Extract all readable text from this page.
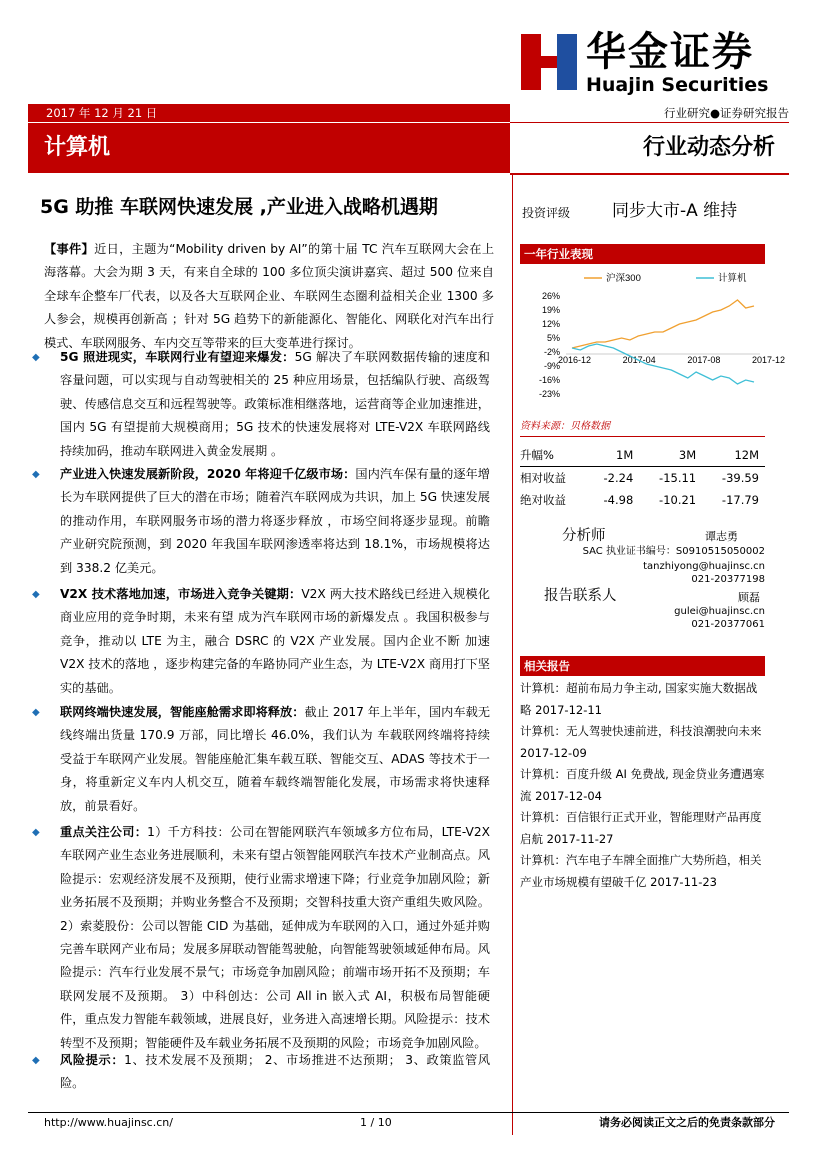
华金证券
Huajin Securities
2017 年 12 月 21 日	行业研究●证券研究报告
计算机	行业动态分析
5G 助推 车联网快速发展 ,产业进入战略机遇期
【事件】近日，主题为“Mobility driven by AI”的第十届 TC 汽车互联网大会在上海落幕。大会为期 3 天，有来自全球的 100 多位顶尖演讲嘉宾、超过 500 位来自全球车企整车厂代表，以及各大互联网企业、车联网生态圈利益相关企业 1300 多人参会，规模再创新高 ；针对 5G 趋势下的新能源化、智能化、网联化对汽车出行模式、车联网服务、车内交互等带来的巨大变革进行探讨。
◆ 5G 照进现实，车联网行业有望迎来爆发：5G 解决了车联网数据传输的速度和容量问题，可以实现与自动驾驶相关的 25 种应用场景，包括编队行驶、高级驾驶、传感信息交互和远程驾驶等。政策标准相继落地，运营商等企业加速推进，国内 5G 有望提前大规模商用；5G 技术的快速发展将对 LTE-V2X 车联网路线持续加码，推动车联网进入黄金发展期 。
◆ 产业进入快速发展新阶段，2020 年将迎千亿级市场：国内汽车保有量的逐年增长为车联网提供了巨大的潜在市场；随着汽车联网成为共识，加上 5G 快速发展的推动作用，车联网服务市场的潜力将逐步释放 ，市场空间将逐步显现。前瞻产业研究院预测，到 2020 年我国车联网渗透率将达到 18.1%，市场规模将达到 338.2 亿美元。
◆ V2X 技术落地加速，市场进入竞争关键期：V2X 两大技术路线已经进入规模化商业应用的竞争时期，未来有望 成为汽车联网市场的新爆发点 。我国积极参与竞争，推动以 LTE 为主，融合 DSRC 的 V2X 产业发展。国内企业不断 加速 V2X 技术的落地 ，逐步构建完备的车路协同产业生态，为 LTE-V2X 商用打下坚实的基础。
◆ 联网终端快速发展，智能座舱需求即将释放：截止 2017 年上半年，国内车载无线终端出货量 170.9 万部，同比增长 46.0%，我们认为 车载联网终端将持续受益于车联网产业发展。智能座舱汇集车载互联、智能交互、ADAS 等技术于一身，将重新定义车内人机交互，随着车载终端智能化发展，市场需求将快速释放，前景看好。
◆ 重点关注公司：1）千方科技：公司在智能网联汽车领域多方位布局，LTE-V2X 车联网产业生态业务进展顺利，未来有望占领智能网联汽车技术产业制高点。风险提示：宏观经济发展不及预期，使行业需求增速下降；行业竞争加剧风险；新业务拓展不及预期；并购业务整合不及预期；交智科技重大资产重组失败风险。 2）索菱股份：公司以智能 CID 为基础，延伸成为车联网的入口，通过外延并购完善车联网产业布局；发展多屏联动智能驾驶舱，向智能驾驶领域延伸布局。风险提示：汽车行业发展不景气；市场竞争加剧风险；前端市场开拓不及预期；车联网发展不及预期。 3）中科创达：公司 All in 嵌入式 AI，积极布局智能硬件，重点发力智能车载领域，进展良好，业务进入高速增长期。风险提示：技术转型不及预期；智能硬件及车载业务拓展不及预期的风险；市场竞争加剧风险。
◆ 风险提示：1、技术发展不及预期； 2、市场推进不达预期； 3、政策监管风险。
投资评级 同步大市-A 维持
一年行业表现
26%
19%
12%
5%
-2%
-9%
-16%
-23%
2016-12	2017-04	2017-08	2017-12
沪深300	计算机
资料来源：贝格数据
升幅%	1M	3M	12M
相对收益	-2.24	-15.11	-39.59
绝对收益	-4.98	-10.21	-17.79
分析师	谭志勇
SAC 执业证书编号：S0910515050002
tanzhiyong@huajinsc.cn
021-20377198
报告联系人	顾磊
gulei@huajinsc.cn
021-20377061
相关报告
计算机：超前布局力争主动, 国家实施大数据战略 2017-12-11
计算机：无人驾驶快速前进，科技浪潮驶向未来 2017-12-09
计算机：百度升级 AI 免费战, 现金贷业务遭遇寒流 2017-12-04
计算机：百信银行正式开业，智能理财产品再度启航 2017-11-27
计算机：汽车电子车牌全面推广大势所趋，相关产业市场规模有望破千亿 2017-11-23
http://www.huajinsc.cn/	1 / 10	请务必阅读正文之后的免责条款部分
